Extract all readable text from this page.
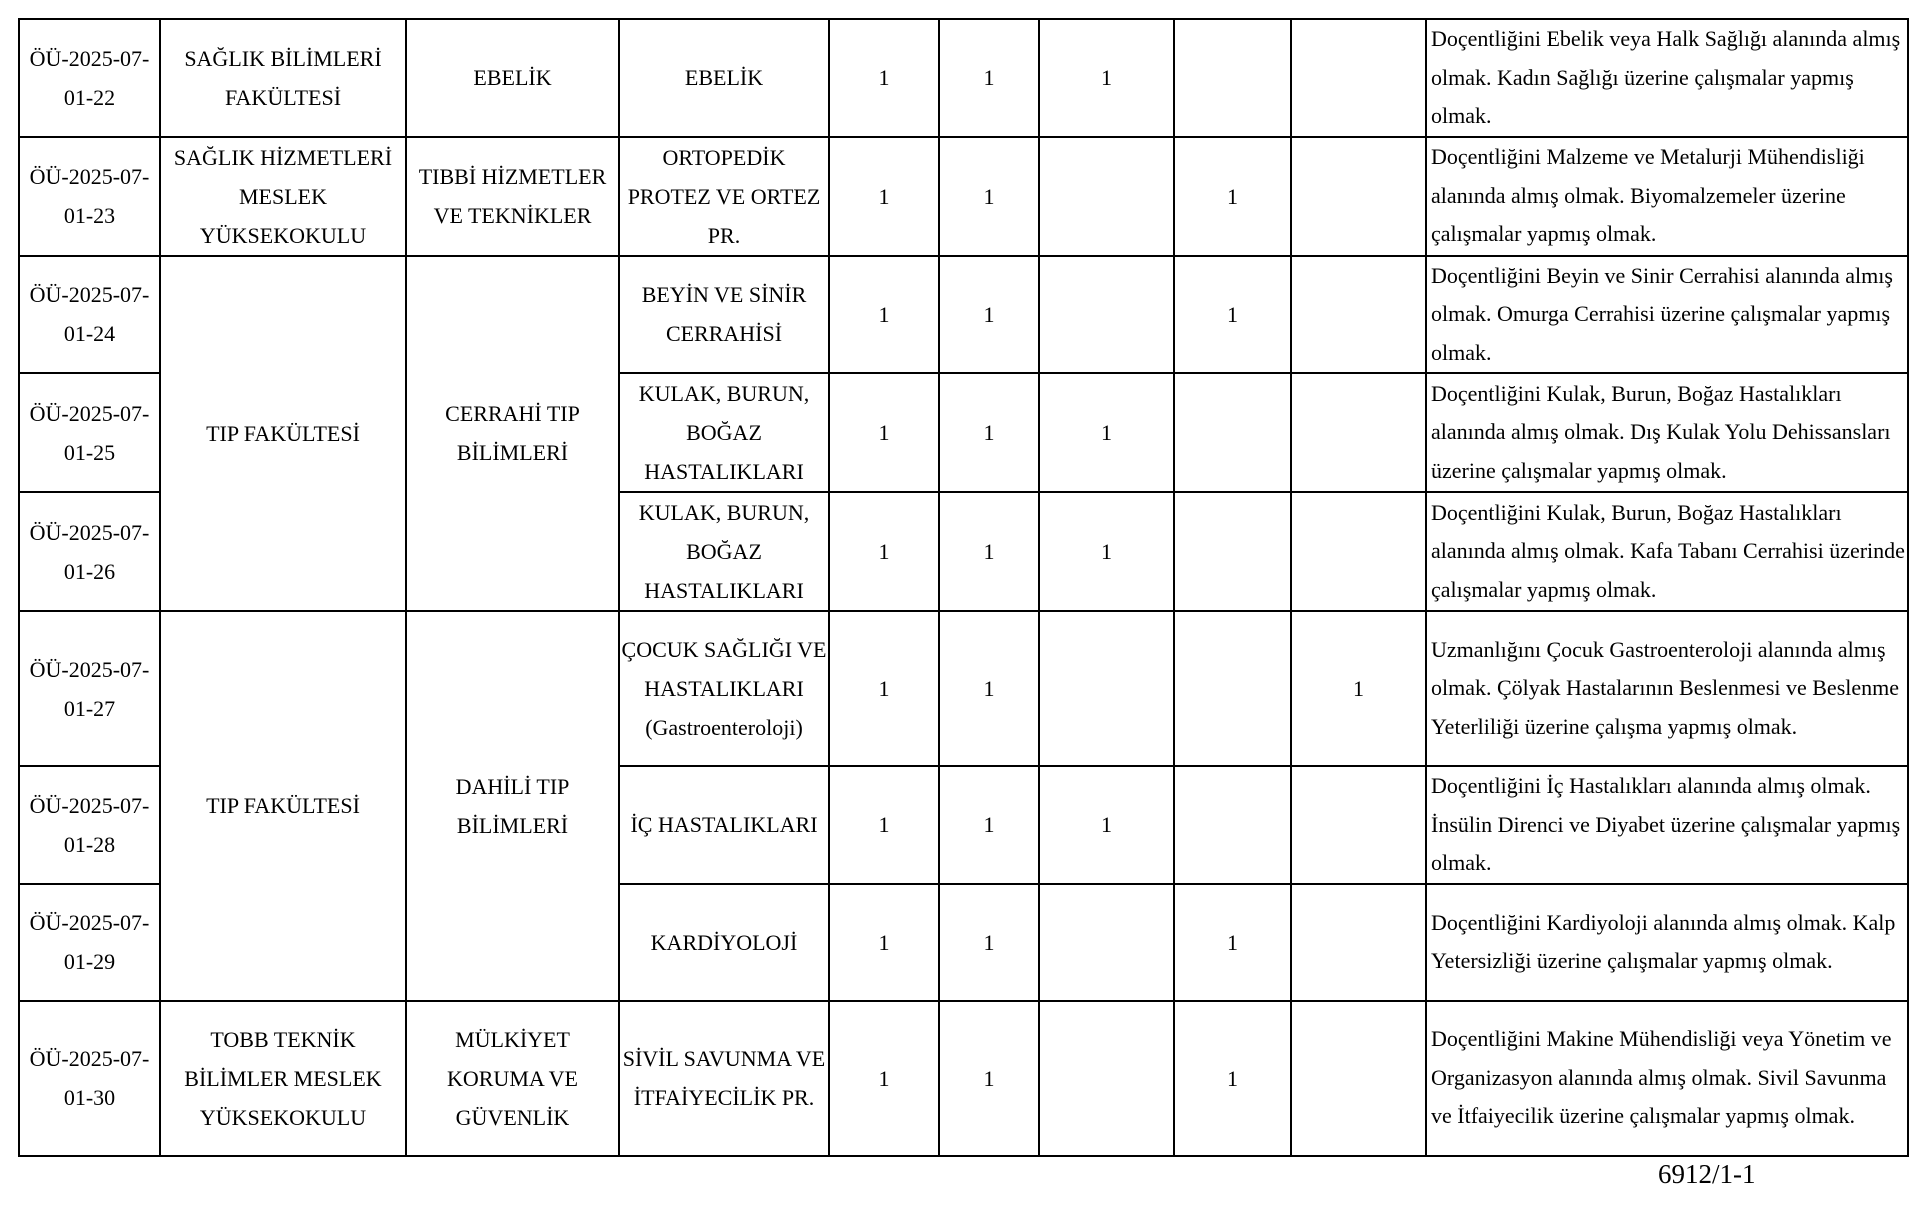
ÖÜ-2025-07-01-22	SAĞLIK BİLİMLERİ FAKÜLTESİ	EBELİK	EBELİK	1	1	1			Doçentliğini Ebelik veya Halk Sağlığı alanında almış olmak. Kadın Sağlığı üzerine çalışmalar yapmış olmak.
ÖÜ-2025-07-01-23	SAĞLIK HİZMETLERİ MESLEK YÜKSEKOKULU	TIBBİ HİZMETLER VE TEKNİKLER	ORTOPEDİK PROTEZ VE ORTEZ PR.	1	1		1		Doçentliğini Malzeme ve Metalurji Mühendisliği alanında almış olmak. Biyomalzemeler üzerine çalışmalar yapmış olmak.
ÖÜ-2025-07-01-24	TIP FAKÜLTESİ	CERRAHİ TIP BİLİMLERİ	BEYİN VE SİNİR CERRAHİSİ	1	1		1		Doçentliğini Beyin ve Sinir Cerrahisi alanında almış olmak. Omurga Cerrahisi üzerine çalışmalar yapmış olmak.
ÖÜ-2025-07-01-25			KULAK, BURUN, BOĞAZ HASTALIKLARI	1	1	1			Doçentliğini Kulak, Burun, Boğaz Hastalıkları alanında almış olmak. Dış Kulak Yolu Dehissansları üzerine çalışmalar yapmış olmak.
ÖÜ-2025-07-01-26			KULAK, BURUN, BOĞAZ HASTALIKLARI	1	1	1			Doçentliğini Kulak, Burun, Boğaz Hastalıkları alanında almış olmak. Kafa Tabanı Cerrahisi üzerinde çalışmalar yapmış olmak.
ÖÜ-2025-07-01-27	TIP FAKÜLTESİ	DAHİLİ TIP BİLİMLERİ	ÇOCUK SAĞLIĞI VE HASTALIKLARI (Gastroenteroloji)	1	1			1	Uzmanlığını Çocuk Gastroenteroloji alanında almış olmak. Çölyak Hastalarının Beslenmesi ve Beslenme Yeterliliği üzerine çalışma yapmış olmak.
ÖÜ-2025-07-01-28			İÇ HASTALIKLARI	1	1	1			Doçentliğini İç Hastalıkları alanında almış olmak. İnsülin Direnci ve Diyabet üzerine çalışmalar yapmış olmak.
ÖÜ-2025-07-01-29			KARDİYOLOJİ	1	1		1		Doçentliğini Kardiyoloji alanında almış olmak. Kalp Yetersizliği üzerine çalışmalar yapmış olmak.
ÖÜ-2025-07-01-30	TOBB TEKNİK BİLİMLER MESLEK YÜKSEKOKULU	MÜLKİYET KORUMA VE GÜVENLİK	SİVİL SAVUNMA VE İTFAİYECİLİK PR.	1	1		1		Doçentliğini Makine Mühendisliği veya Yönetim ve Organizasyon alanında almış olmak. Sivil Savunma ve İtfaiyecilik üzerine çalışmalar yapmış olmak.
6912/1-1
